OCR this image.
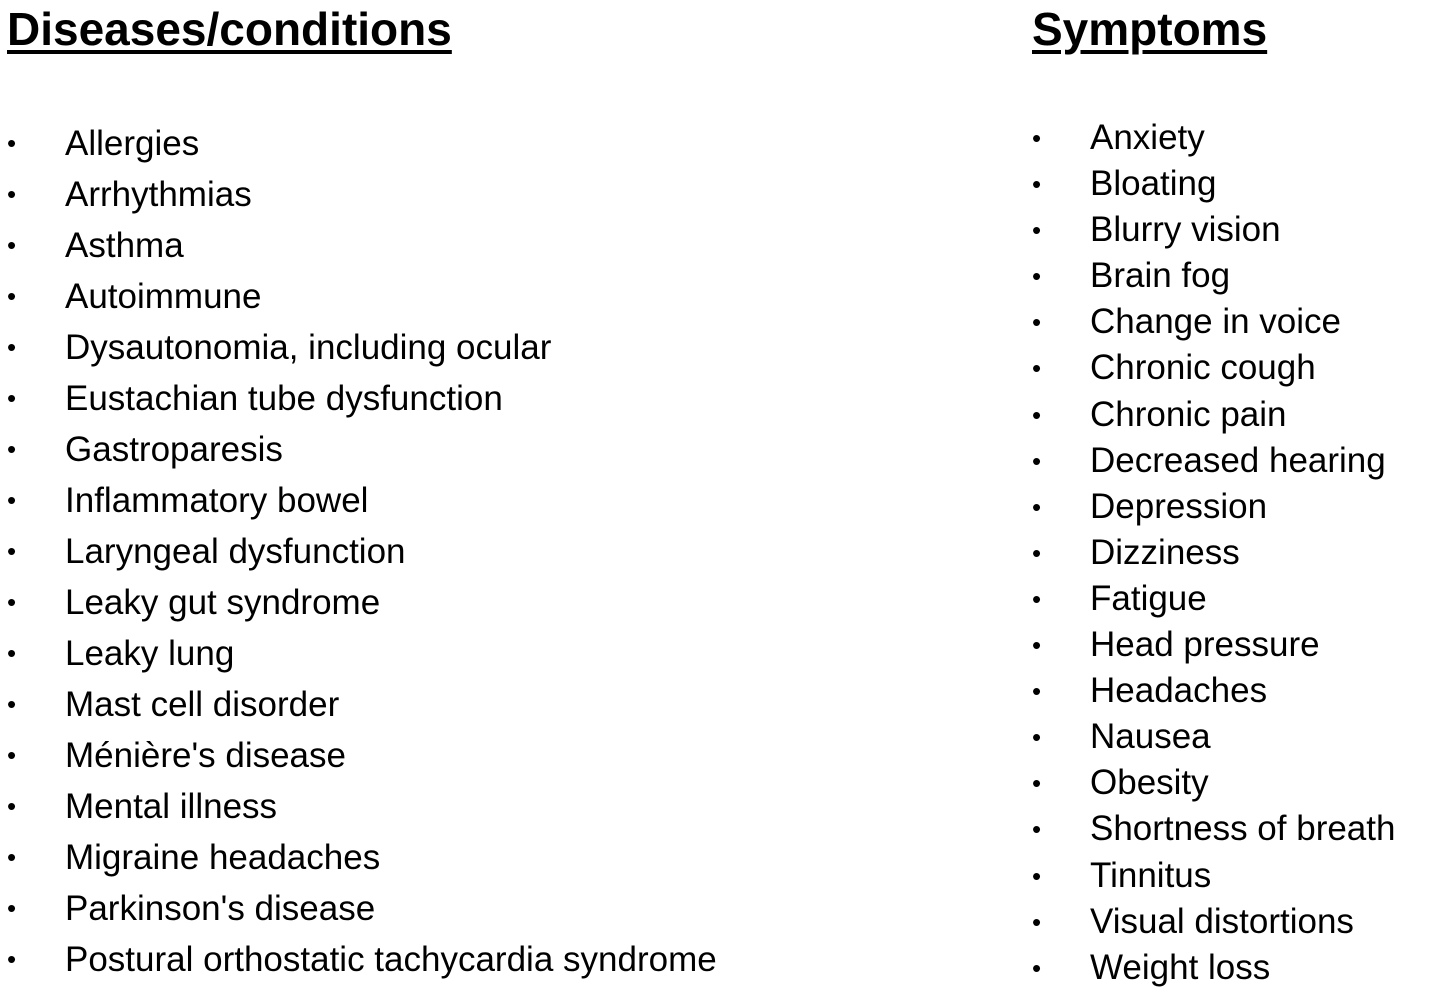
Diseases/conditions
• Allergies
• Arrhythmias
• Asthma
• Autoimmune
• Dysautonomia, including ocular
• Eustachian tube dysfunction
• Gastroparesis
• Inflammatory bowel
• Laryngeal dysfunction
• Leaky gut syndrome
• Leaky lung
• Mast cell disorder
• Ménière's disease
• Mental illness
• Migraine headaches
• Parkinson's disease
• Postural orthostatic tachycardia syndrome
Symptoms
• Anxiety
• Bloating
• Blurry vision
• Brain fog
• Change in voice
• Chronic cough
• Chronic pain
• Decreased hearing
• Depression
• Dizziness
• Fatigue
• Head pressure
• Headaches
• Nausea
• Obesity
• Shortness of breath
• Tinnitus
• Visual distortions
• Weight loss
